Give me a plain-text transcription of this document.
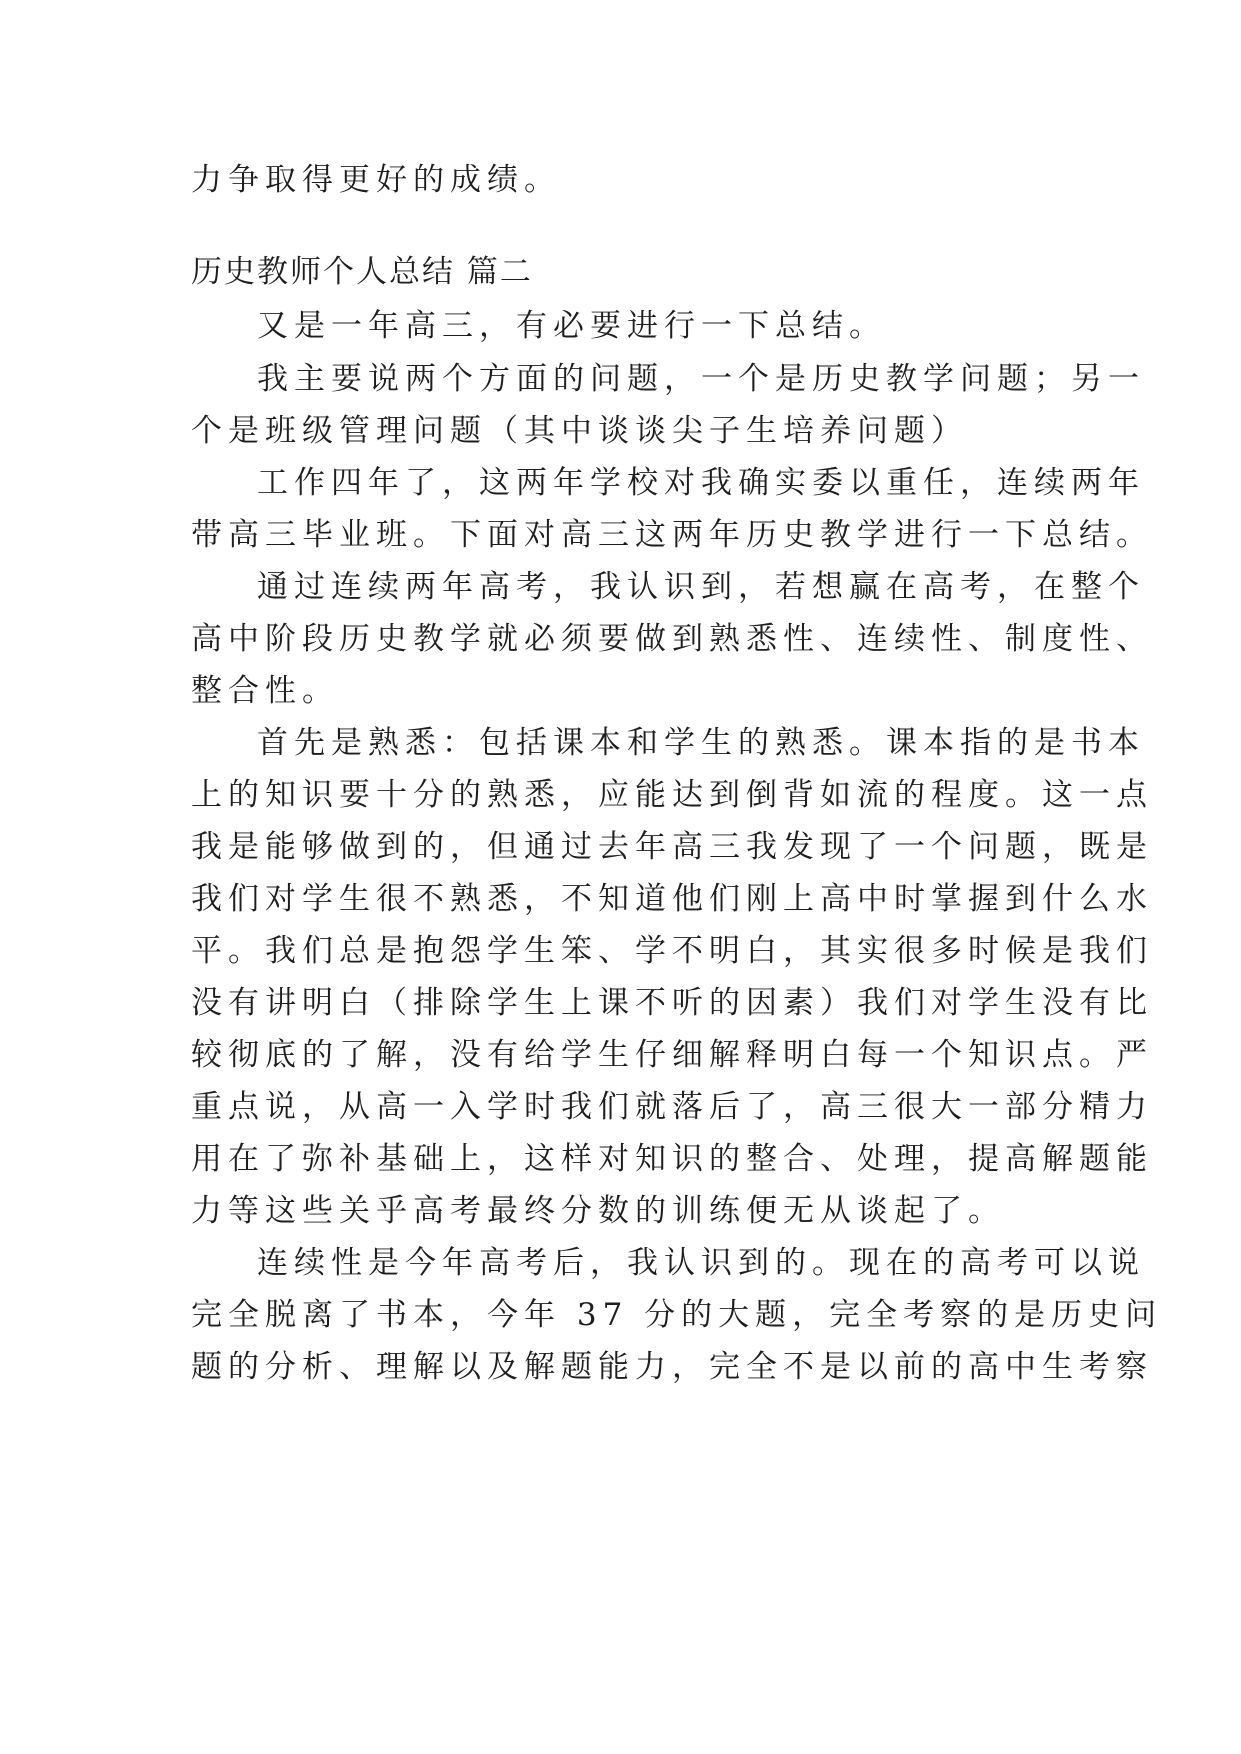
力争取得更好的成绩。
历史教师个人总结 篇二
又是一年高三，有必要进行一下总结。
我主要说两个方面的问题，一个是历史教学问题；另一
个是班级管理问题（其中谈谈尖子生培养问题）
工作四年了，这两年学校对我确实委以重任，连续两年
带高三毕业班。下面对高三这两年历史教学进行一下总结。
通过连续两年高考，我认识到，若想赢在高考，在整个
高中阶段历史教学就必须要做到熟悉性、连续性、制度性、
整合性。
首先是熟悉：包括课本和学生的熟悉。课本指的是书本
上的知识要十分的熟悉，应能达到倒背如流的程度。这一点
我是能够做到的，但通过去年高三我发现了一个问题，既是
我们对学生很不熟悉，不知道他们刚上高中时掌握到什么水
平。我们总是抱怨学生笨、学不明白，其实很多时候是我们
没有讲明白（排除学生上课不听的因素）我们对学生没有比
较彻底的了解，没有给学生仔细解释明白每一个知识点。严
重点说，从高一入学时我们就落后了，高三很大一部分精力
用在了弥补基础上，这样对知识的整合、处理，提高解题能
力等这些关乎高考最终分数的训练便无从谈起了。
连续性是今年高考后，我认识到的。现在的高考可以说
完全脱离了书本，今年 37 分的大题，完全考察的是历史问
题的分析、理解以及解题能力，完全不是以前的高中生考察
